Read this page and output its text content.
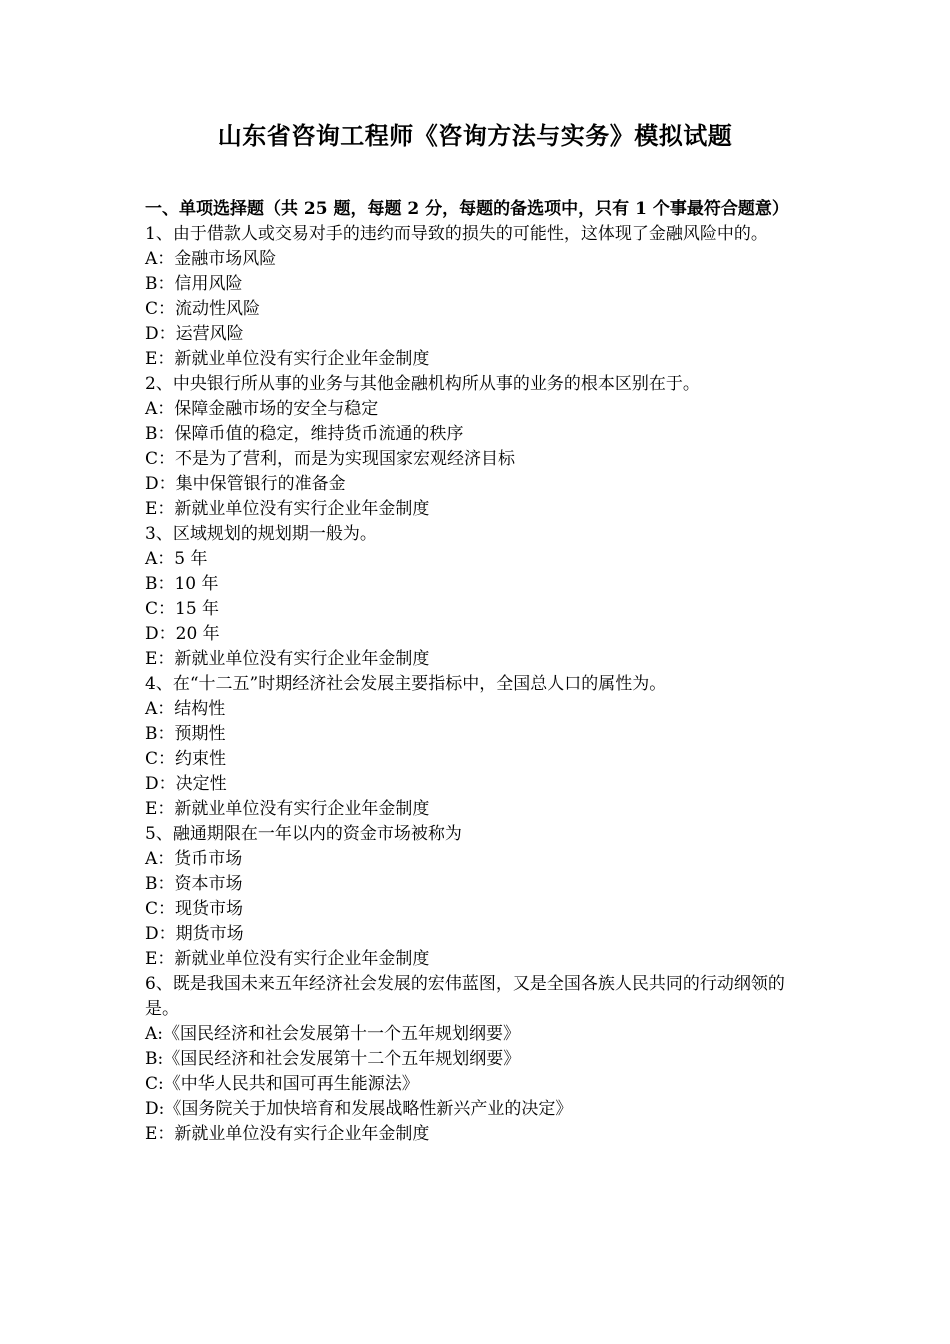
山东省咨询工程师《咨询方法与实务》模拟试题

一、单项选择题（共 25 题，每题 2 分，每题的备选项中，只有 1 个事最符合题意）

1、由于借款人或交易对手的违约而导致的损失的可能性，这体现了金融风险中的。

A：金融市场风险

B：信用风险

C：流动性风险

D：运营风险

E：新就业单位没有实行企业年金制度

2、中央银行所从事的业务与其他金融机构所从事的业务的根本区别在于。

A：保障金融市场的安全与稳定

B：保障币值的稳定，维持货币流通的秩序

C：不是为了营利，而是为实现国家宏观经济目标

D：集中保管银行的准备金

E：新就业单位没有实行企业年金制度

3、区域规划的规划期一般为。

A：5 年

B：10 年

C：15 年

D：20 年

E：新就业单位没有实行企业年金制度

4、在“十二五”时期经济社会发展主要指标中，全国总人口的属性为。

A：结构性

B：预期性

C：约束性

D：决定性

E：新就业单位没有实行企业年金制度

5、融通期限在一年以内的资金市场被称为

A：货币市场

B：资本市场

C：现货市场

D：期货市场

E：新就业单位没有实行企业年金制度

6、既是我国未来五年经济社会发展的宏伟蓝图，又是全国各族人民共同的行动纲领的是。

A:《国民经济和社会发展第十一个五年规划纲要》

B:《国民经济和社会发展第十二个五年规划纲要》

C:《中华人民共和国可再生能源法》

D:《国务院关于加快培育和发展战略性新兴产业的决定》

E：新就业单位没有实行企业年金制度
